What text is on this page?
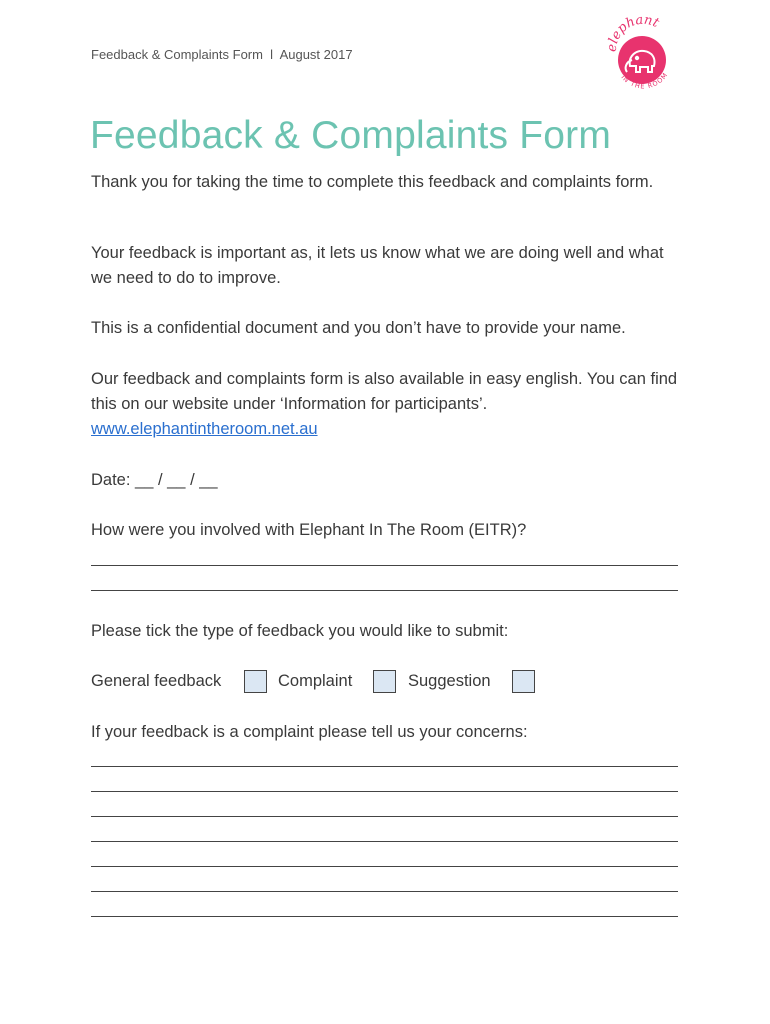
Feedback & Complaints Form  l  August 2017	elephant
IN THE ROOM
Feedback & Complaints Form

Thank you for taking the time to complete this feedback and complaints form.

Your feedback is important as, it lets us know what we are doing well and what we need to do to improve.

This is a confidential document and you don’t have to provide your name.

Our feedback and complaints form is also available in easy english. You can find this on our website under ‘Information for participants’.
www.elephantintheroom.net.au

Date: __ / __ / __

How were you involved with Elephant In The Room (EITR)?

Please tick the type of feedback you would like to submit:

General feedback	Complaint	Suggestion

If your feedback is a complaint please tell us your concerns:
